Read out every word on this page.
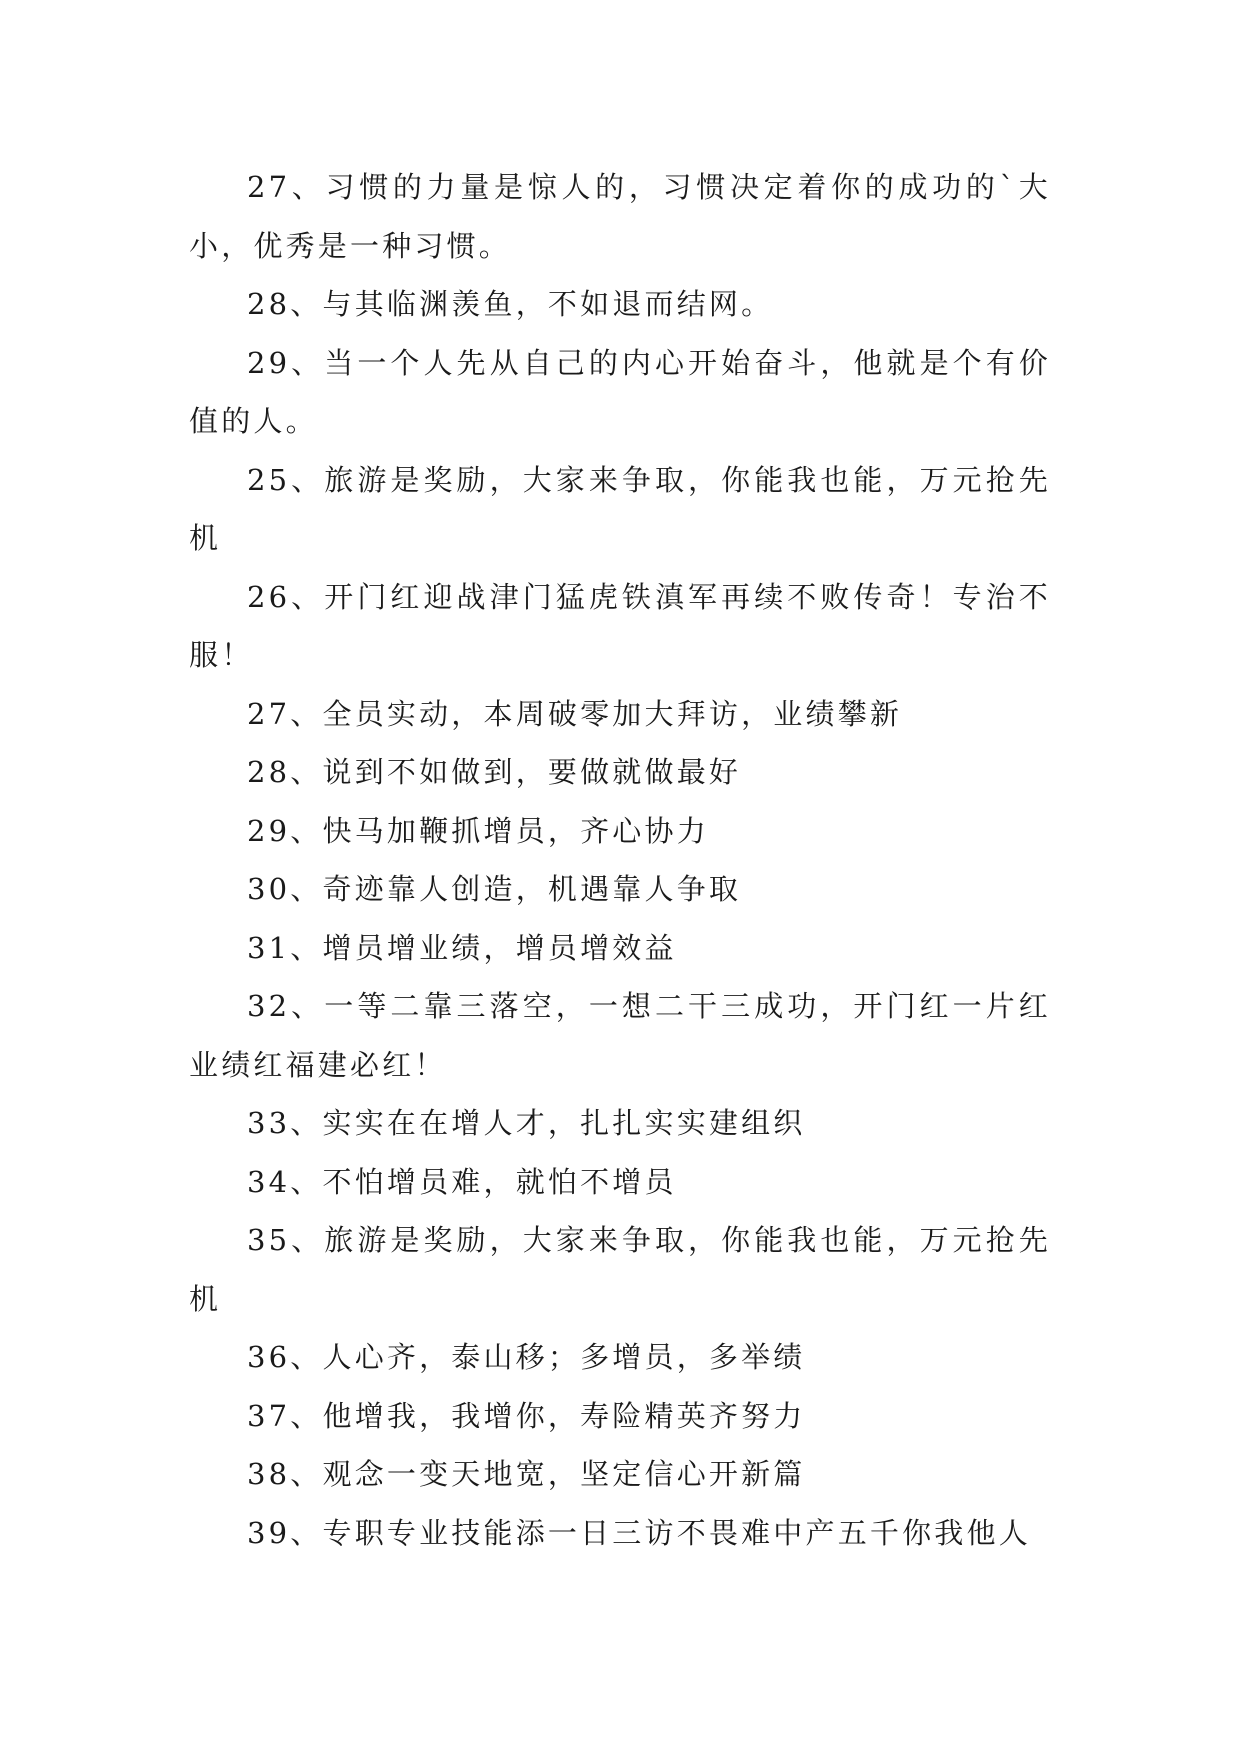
27、习惯的力量是惊人的，习惯决定着你的成功的`大小，优秀是一种习惯。

28、与其临渊羡鱼，不如退而结网。

29、当一个人先从自己的内心开始奋斗，他就是个有价值的人。

25、旅游是奖励，大家来争取，你能我也能，万元抢先机

26、开门红迎战津门猛虎铁滇军再续不败传奇！专治不服！

27、全员实动，本周破零加大拜访，业绩攀新

28、说到不如做到，要做就做最好

29、快马加鞭抓增员，齐心协力

30、奇迹靠人创造，机遇靠人争取

31、增员增业绩，增员增效益

32、一等二靠三落空，一想二干三成功，开门红一片红业绩红福建必红！

33、实实在在增人才，扎扎实实建组织

34、不怕增员难，就怕不增员

35、旅游是奖励，大家来争取，你能我也能，万元抢先机

36、人心齐，泰山移；多增员，多举绩

37、他增我，我增你，寿险精英齐努力

38、观念一变天地宽，坚定信心开新篇

39、专职专业技能添一日三访不畏难中产五千你我他人
